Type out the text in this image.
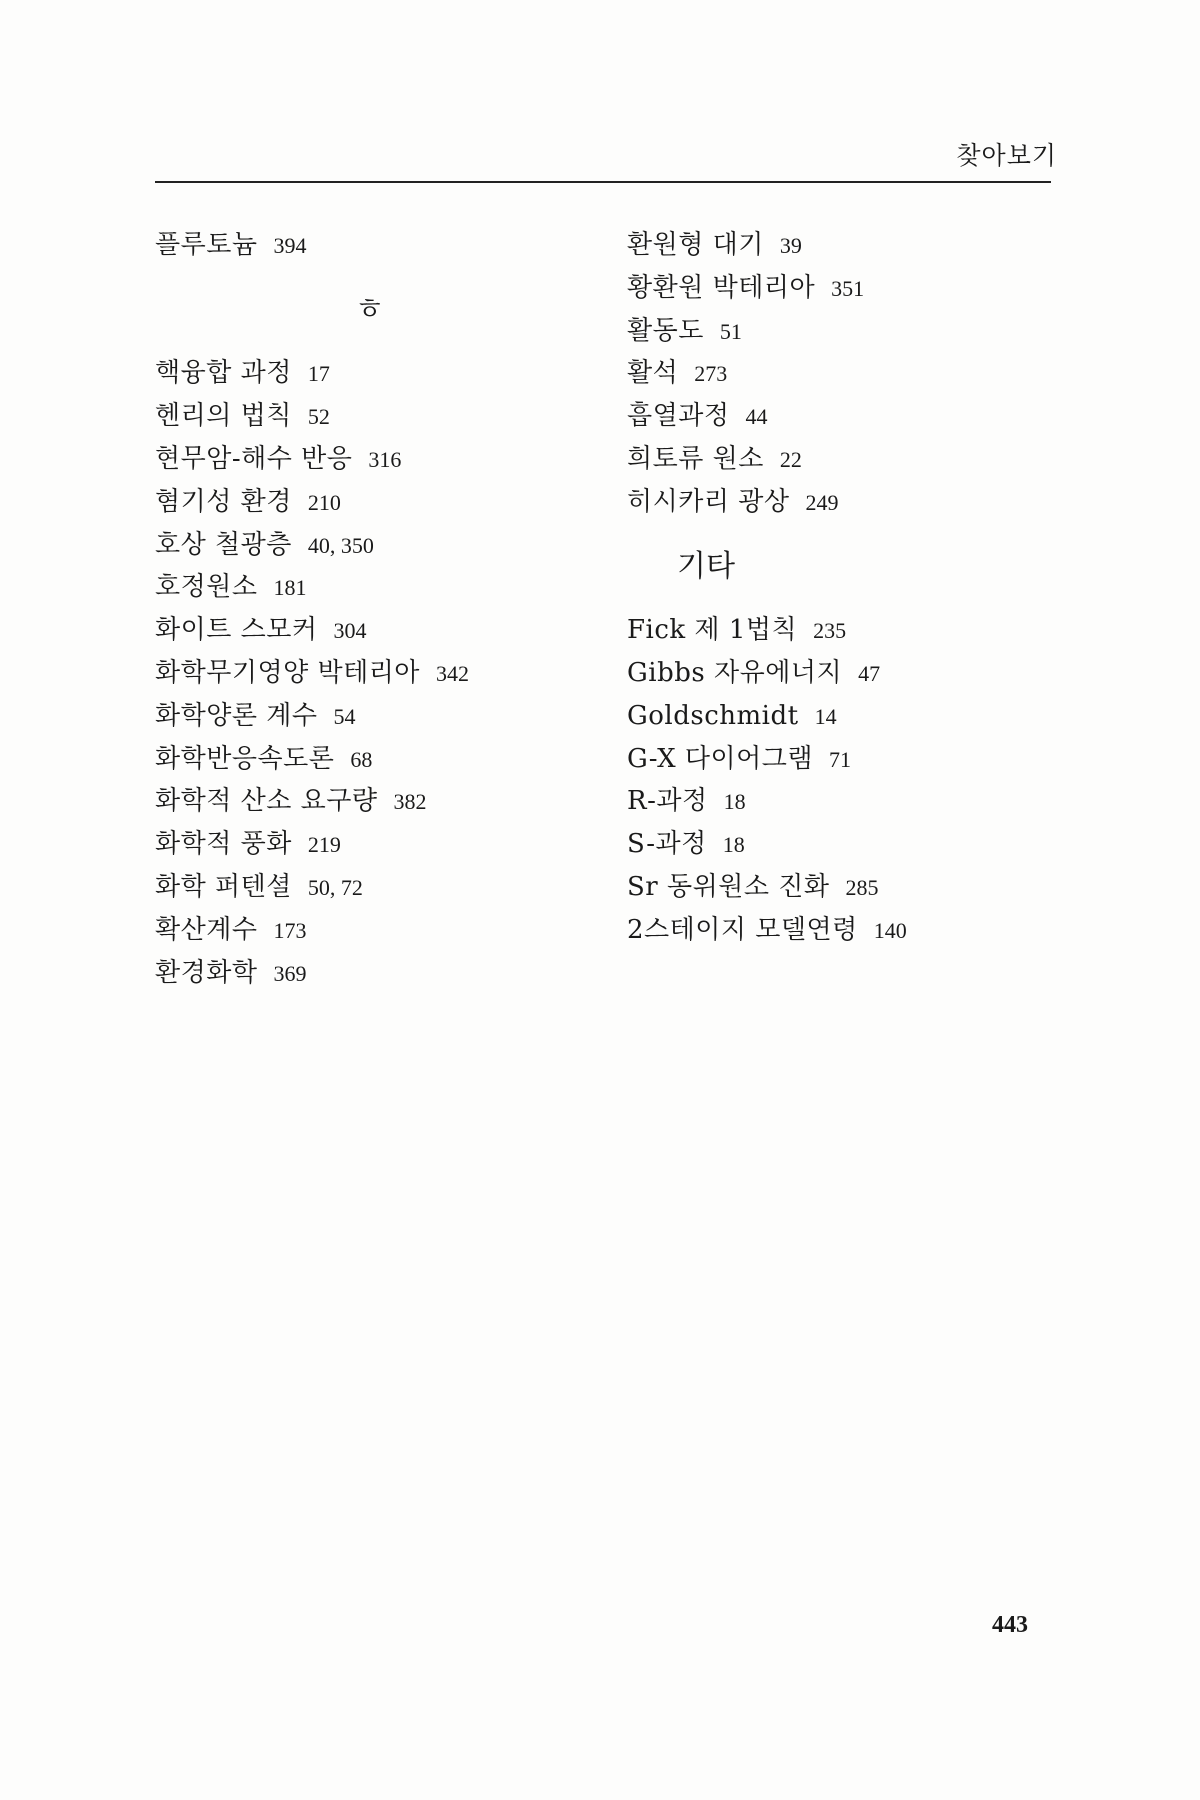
찾아보기
플루토늄 394
ㅎ
핵융합 과정 17
헨리의 법칙 52
현무암-해수 반응 316
혐기성 환경 210
호상 철광층 40, 350
호정원소 181
화이트 스모커 304
화학무기영양 박테리아 342
화학양론 계수 54
화학반응속도론 68
화학적 산소 요구량 382
화학적 풍화 219
화학 퍼텐셜 50, 72
확산계수 173
환경화학 369
환원형 대기 39
황환원 박테리아 351
활동도 51
활석 273
흡열과정 44
희토류 원소 22
히시카리 광상 249
기타
Fick 제 1법칙 235
Gibbs 자유에너지 47
Goldschmidt 14
G-X 다이어그램 71
R-과정 18
S-과정 18
Sr 동위원소 진화 285
2스테이지 모델연령 140
443
